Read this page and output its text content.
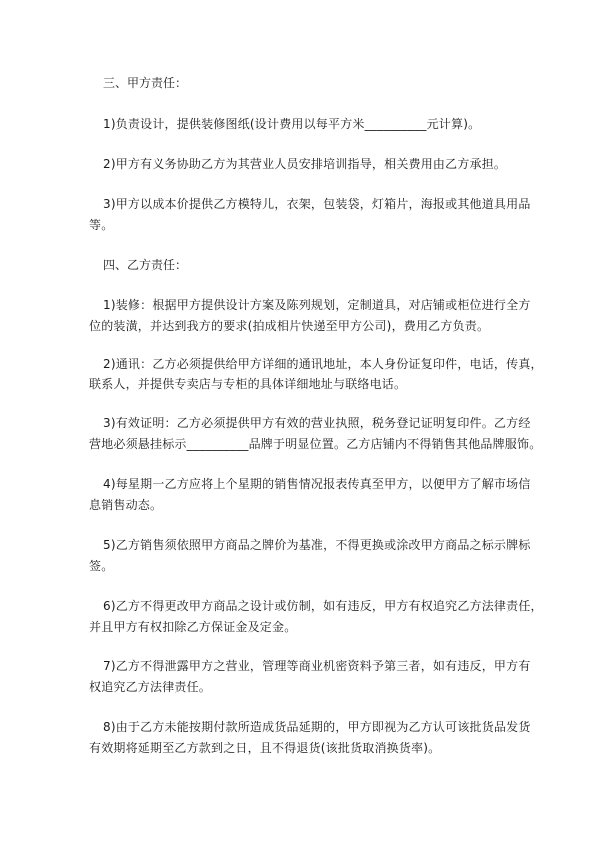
三、甲方责任：
1)负责设计，提供装修图纸(设计费用以每平方米__________元计算)。
2)甲方有义务协助乙方为其营业人员安排培训指导，相关费用由乙方承担。
3)甲方以成本价提供乙方模特儿，衣架，包装袋，灯箱片，海报或其他道具用品
等。
四、乙方责任：
1)装修：根据甲方提供设计方案及陈列规划，定制道具，对店铺或柜位进行全方
位的装潢，并达到我方的要求(拍成相片快递至甲方公司)，费用乙方负责。
2)通讯：乙方必须提供给甲方详细的通讯地址，本人身份证复印件，电话，传真，
联系人，并提供专卖店与专柜的具体详细地址与联络电话。
3)有效证明：乙方必须提供甲方有效的营业执照，税务登记证明复印件。乙方经
营地必须悬挂标示__________品牌于明显位置。乙方店铺内不得销售其他品牌服饰。
4)每星期一乙方应将上个星期的销售情况报表传真至甲方，以便甲方了解市场信
息销售动态。
5)乙方销售须依照甲方商品之牌价为基准，不得更换或涂改甲方商品之标示牌标
签。
6)乙方不得更改甲方商品之设计或仿制，如有违反，甲方有权追究乙方法律责任，
并且甲方有权扣除乙方保证金及定金。
7)乙方不得泄露甲方之营业，管理等商业机密资料予第三者，如有违反，甲方有
权追究乙方法律责任。
8)由于乙方未能按期付款所造成货品延期的，甲方即视为乙方认可该批货品发货
有效期将延期至乙方款到之日，且不得退货(该批货取消换货率)。
